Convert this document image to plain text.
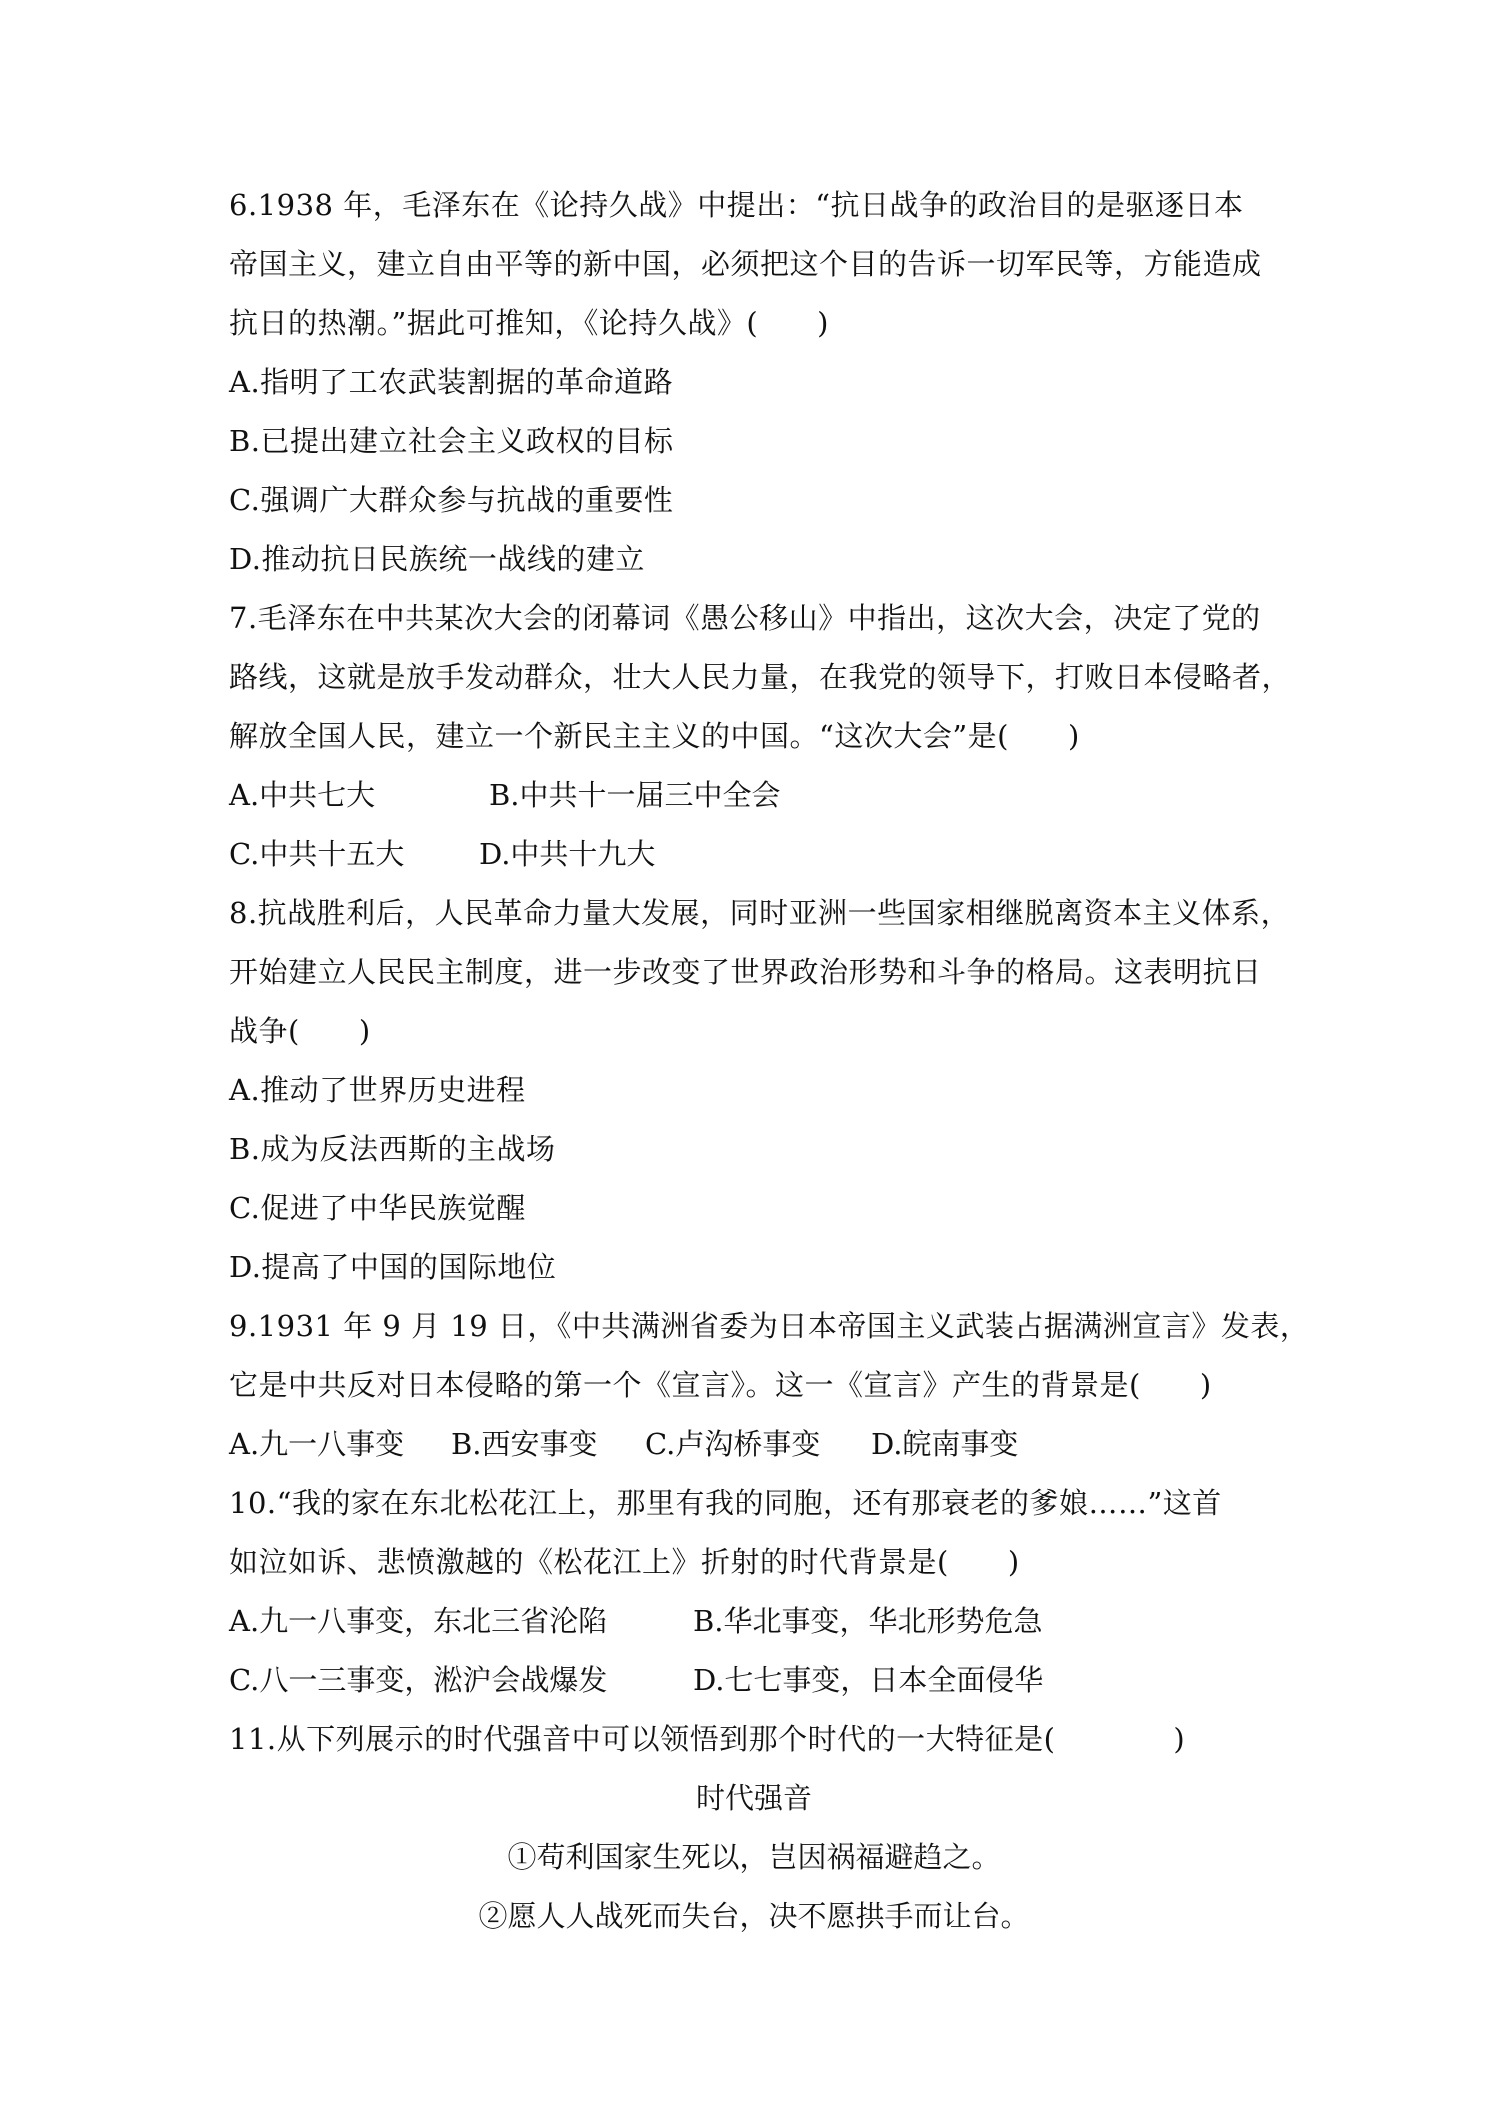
6.1938 年，毛泽东在《论持久战》中提出：“抗日战争的政治目的是驱逐日本
帝国主义，建立自由平等的新中国，必须把这个目的告诉一切军民等，方能造成
抗日的热潮。”据此可推知，《论持久战》(　　)
A.指明了工农武装割据的革命道路
B.已提出建立社会主义政权的目标
C.强调广大群众参与抗战的重要性
D.推动抗日民族统一战线的建立
7.毛泽东在中共某次大会的闭幕词《愚公移山》中指出，这次大会，决定了党的
路线，这就是放手发动群众，壮大人民力量，在我党的领导下，打败日本侵略者，
解放全国人民，建立一个新民主主义的中国。“这次大会”是(　　)
A.中共七大	B.中共十一届三中全会
C.中共十五大	D.中共十九大
8.抗战胜利后，人民革命力量大发展，同时亚洲一些国家相继脱离资本主义体系，
开始建立人民民主制度，进一步改变了世界政治形势和斗争的格局。这表明抗日
战争(　　)
A.推动了世界历史进程
B.成为反法西斯的主战场
C.促进了中华民族觉醒
D.提高了中国的国际地位
9.1931 年 9 月 19 日，《中共满洲省委为日本帝国主义武装占据满洲宣言》发表，
它是中共反对日本侵略的第一个《宣言》。这一《宣言》产生的背景是(　　)
A.九一八事变	B.西安事变	C.卢沟桥事变	D.皖南事变
10.“我的家在东北松花江上，那里有我的同胞，还有那衰老的爹娘……”这首
如泣如诉、悲愤激越的《松花江上》折射的时代背景是(　　)
A.九一八事变，东北三省沦陷	B.华北事变，华北形势危急
C.八一三事变，淞沪会战爆发	D.七七事变，日本全面侵华
11.从下列展示的时代强音中可以领悟到那个时代的一大特征是(　　　　)
时代强音
①苟利国家生死以，岂因祸福避趋之。
②愿人人战死而失台，决不愿拱手而让台。
